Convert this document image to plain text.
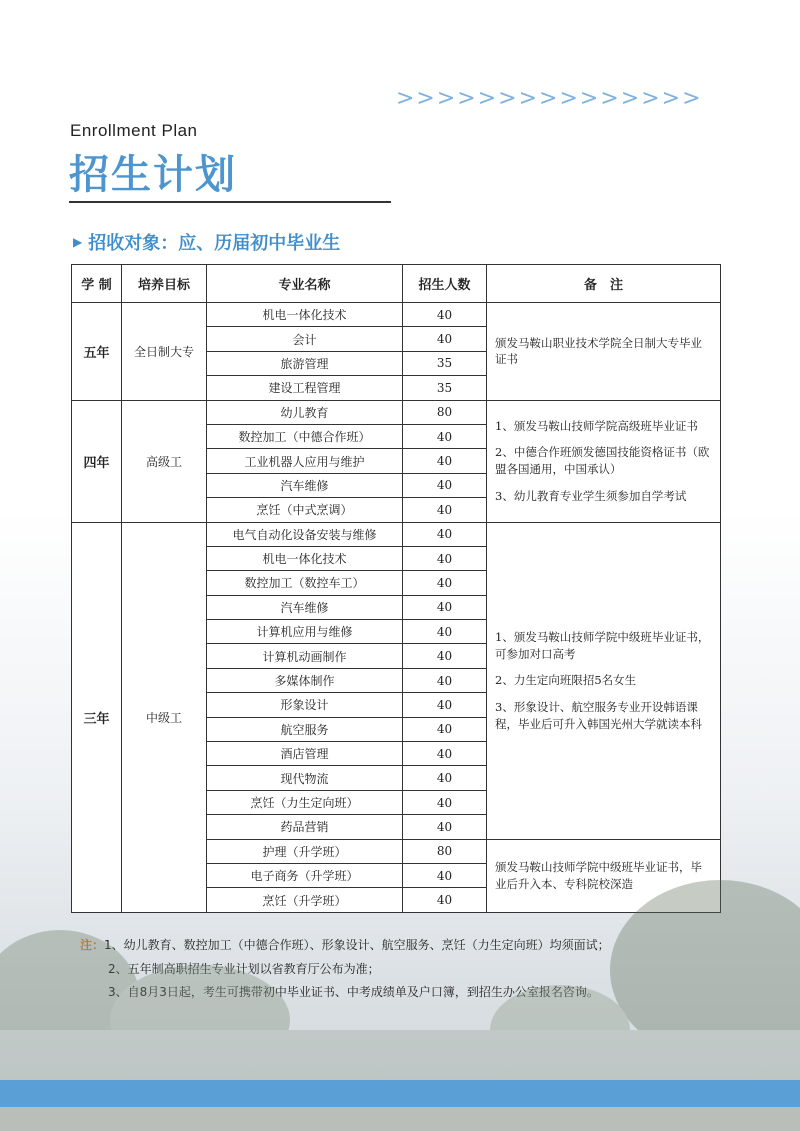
>>>>>>>>>>>>>>>
Enrollment Plan
招生计划
▶ 招收对象：应、历届初中毕业生
学 制	培养目标	专业名称	招生人数	备　注
五年	全日制大专	机电一体化技术	40	颁发马鞍山职业技术学院全日制大专毕业证书

		会计	40	
		旅游管理	35	
		建设工程管理	35	
四年	高级工	幼儿教育	80	1、颁发马鞍山技师学院高级班毕业证书

2、中德合作班颁发德国技能资格证书（欧盟各国通用，中国承认）

3、幼儿教育专业学生须参加自学考试

		数控加工（中德合作班）	40	
		工业机器人应用与维护	40	
		汽车维修	40	
		烹饪（中式烹调）	40	
三年	中级工	电气自动化设备安装与维修	40	1、颁发马鞍山技师学院中级班毕业证书，可参加对口高考

2、力生定向班限招5名女生

3、形象设计、航空服务专业开设韩语课程，毕业后可升入韩国光州大学就读本科

		机电一体化技术	40	
		数控加工（数控车工）	40	
		汽车维修	40	
		计算机应用与维修	40	
		计算机动画制作	40	
		多媒体制作	40	
		形象设计	40	
		航空服务	40	
		酒店管理	40	
		现代物流	40	
		烹饪（力生定向班）	40	
		药品营销	40	
		护理（升学班）	80	颁发马鞍山技师学院中级班毕业证书，毕业后升入本、专科院校深造

		电子商务（升学班）	40	
		烹饪（升学班）	40	
注：1、幼儿教育、数控加工（中德合作班）、形象设计、航空服务、烹饪（力生定向班）均须面试；
2、五年制高职招生专业计划以省教育厅公布为准；
3、自8月3日起，考生可携带初中毕业证书、中考成绩单及户口簿，到招生办公室报名咨询。
